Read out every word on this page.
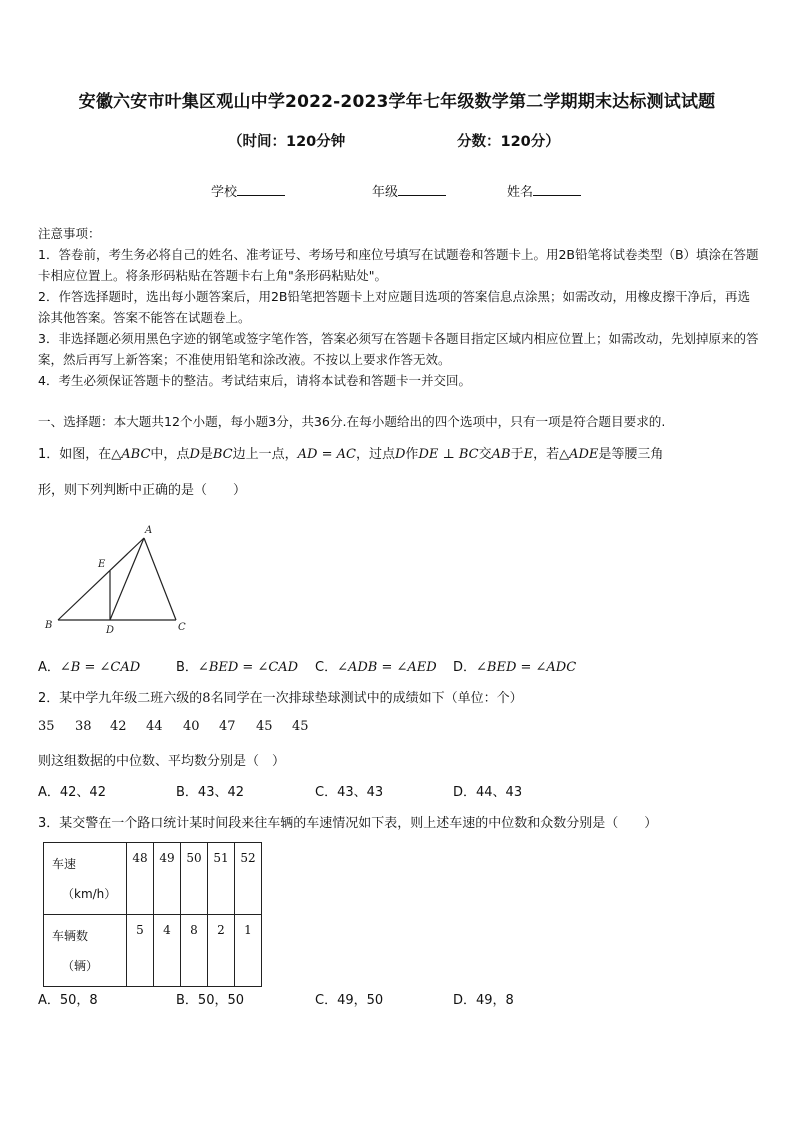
安徽六安市叶集区观山中学2022-2023学年七年级数学第二学期期末达标测试试题
（时间：120分钟	分数：120分）
学校	年级	姓名
注意事项：
1．答卷前，考生务必将自己的姓名、准考证号、考场号和座位号填写在试题卷和答题卡上。用2B铅笔将试卷类型（B）填涂在答题卡相应位置上。将条形码粘贴在答题卡右上角"条形码粘贴处"。
2．作答选择题时，选出每小题答案后，用2B铅笔把答题卡上对应题目选项的答案信息点涂黑；如需改动，用橡皮擦干净后，再选涂其他答案。答案不能答在试题卷上。
3．非选择题必须用黑色字迹的钢笔或签字笔作答，答案必须写在答题卡各题目指定区域内相应位置上；如需改动，先划掉原来的答案，然后再写上新答案；不准使用铅笔和涂改液。不按以上要求作答无效。
4．考生必须保证答题卡的整洁。考试结束后，请将本试卷和答题卡一并交回。
一、选择题：本大题共12个小题，每小题3分，共36分.在每小题给出的四个选项中，只有一项是符合题目要求的.
1．如图，在△ABC中，点D是BC边上一点，AD = AC，过点D作DE ⊥ BC交AB于E，若△ADE是等腰三角
形，则下列判断中正确的是（　　）
A
B	C
D
E
A．∠B = ∠CAD	B．∠BED = ∠CAD C．∠ADB = ∠AED D．∠BED = ∠ADC
2．某中学九年级二班六级的8名同学在一次排球垫球测试中的成绩如下（单位：个）
35 38 42 44 40 47 45 45
则这组数据的中位数、平均数分别是（　）
A．42、42	B．43、42	C．43、43	D．44、43
3．某交警在一个路口统计某时间段来往车辆的车速情况如下表，则上述车速的中位数和众数分别是（　　）
车速
（km/h）	48	49	50	51	52

车辆数
（辆）	5	4	8	2	1
A．50，8	B．50，50	C．49，50	D．49，8
